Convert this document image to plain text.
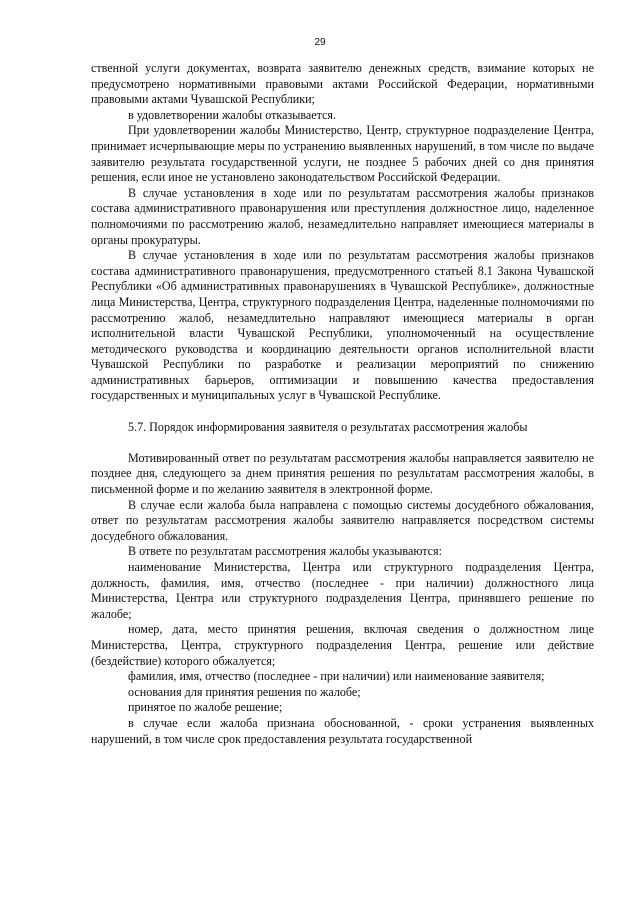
29

ственной услуги документах, возврата заявителю денежных средств, взимание которых не предусмотрено нормативными правовыми актами Российской Федерации, нормативными правовыми актами Чувашской Республики;

в удовлетворении жалобы отказывается.

При удовлетворении жалобы Министерство, Центр, структурное подразделение Центра, принимает исчерпывающие меры по устранению выявленных нарушений, в том числе по выдаче заявителю результата государственной услуги, не позднее 5 рабочих дней со дня принятия решения, если иное не установлено законодательством Российской Федерации.

В случае установления в ходе или по результатам рассмотрения жалобы признаков состава административного правонарушения или преступления должностное лицо, наделенное полномочиями по рассмотрению жалоб, незамедлительно направляет имеющиеся материалы в органы прокуратуры.

В случае установления в ходе или по результатам рассмотрения жалобы признаков состава административного правонарушения, предусмотренного статьей 8.1 Закона Чувашской Республики «Об административных правонарушениях в Чувашской Республике», должностные лица Министерства, Центра, структурного подразделения Центра, наделенные полномочиями по рассмотрению жалоб, незамедлительно направляют имеющиеся материалы в орган исполнительной власти Чувашской Республики, уполномоченный на осуществление методического руководства и координацию деятельности органов исполнительной власти Чувашской Республики по разработке и реализации мероприятий по снижению административных барьеров, оптимизации и повышению качества предоставления государственных и муниципальных услуг в Чувашской Республике.

5.7. Порядок информирования заявителя о результатах рассмотрения жалобы

Мотивированный ответ по результатам рассмотрения жалобы направляется заявителю не позднее дня, следующего за днем принятия решения по результатам рассмотрения жалобы, в письменной форме и по желанию заявителя в электронной форме.

В случае если жалоба была направлена с помощью системы досудебного обжалования, ответ по результатам рассмотрения жалобы заявителю направляется посредством системы досудебного обжалования.

В ответе по результатам рассмотрения жалобы указываются:

наименование Министерства, Центра или структурного подразделения Центра, должность, фамилия, имя, отчество (последнее - при наличии) должностного лица Министерства, Центра или структурного подразделения Центра, принявшего решение по жалобе;

номер, дата, место принятия решения, включая сведения о должностном лице Министерства, Центра, структурного подразделения Центра, решение или действие (бездействие) которого обжалуется;

фамилия, имя, отчество (последнее - при наличии) или наименование заявителя;

основания для принятия решения по жалобе;

принятое по жалобе решение;

в случае если жалоба признана обоснованной, - сроки устранения выявленных нарушений, в том числе срок предоставления результата государственной
